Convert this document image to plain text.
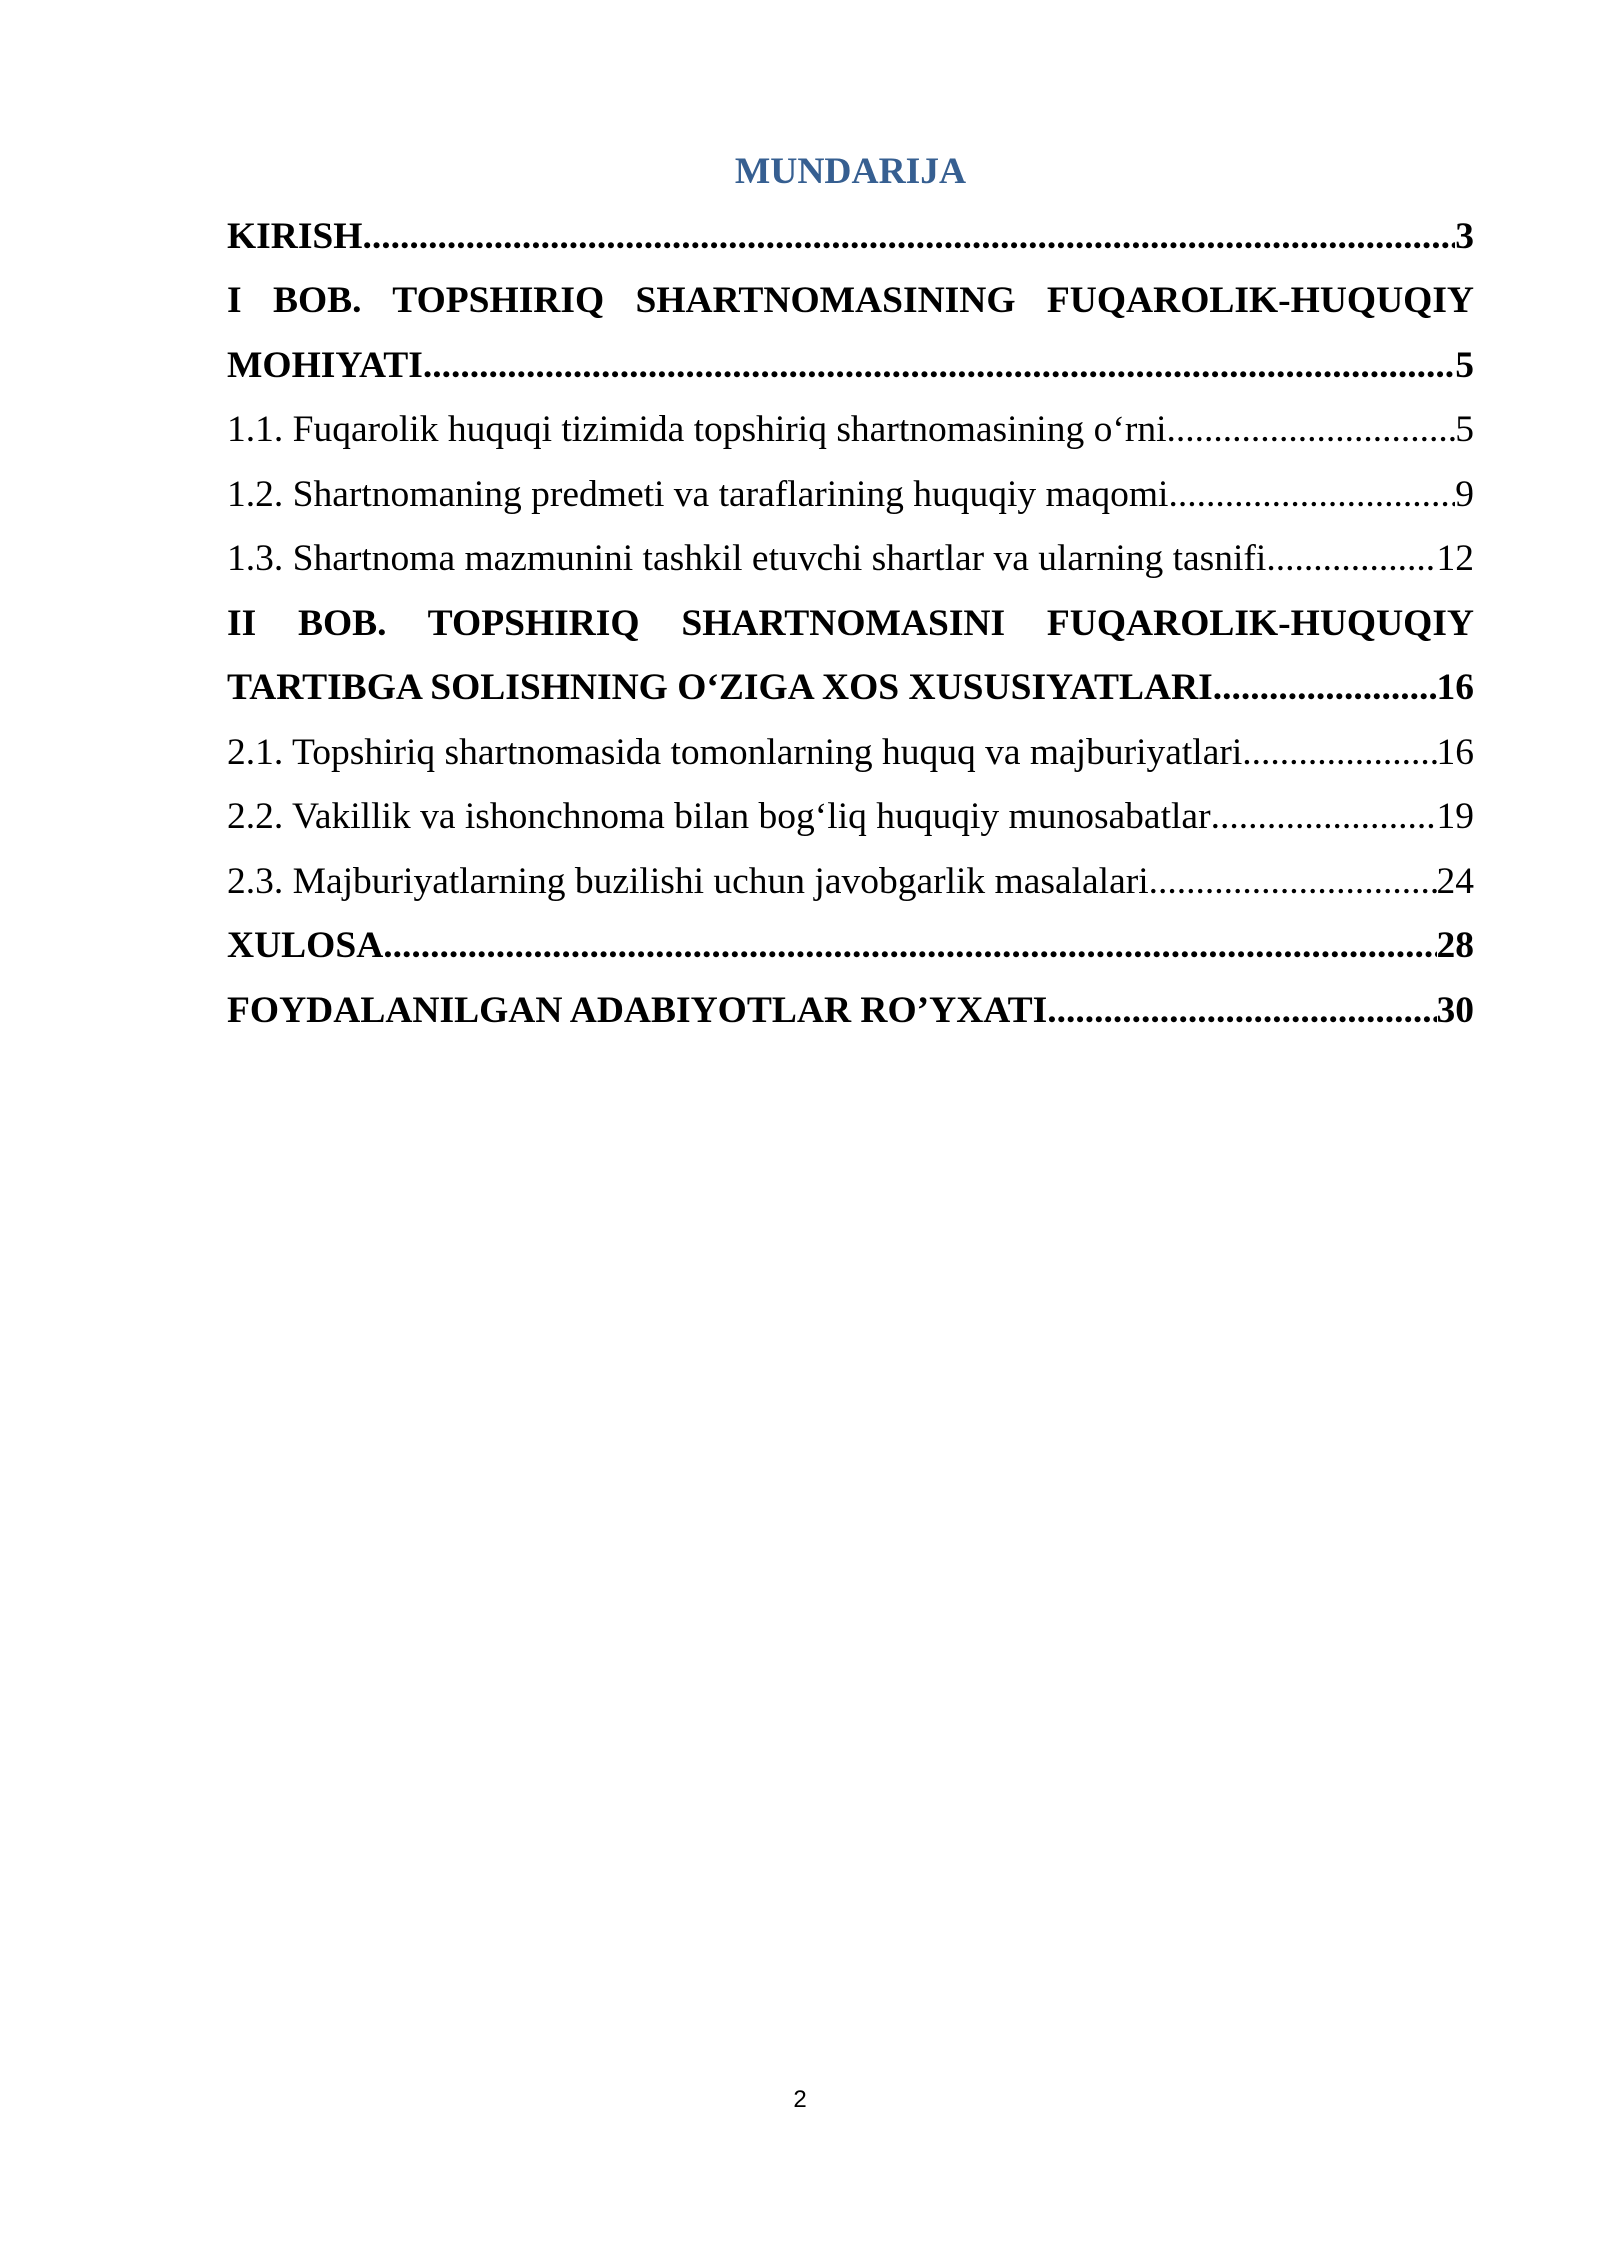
MUNDARIJA
KIRISH .....	3
I BOB. TOPSHIRIQ SHARTNOMASINING FUQAROLIK-HUQUQIY
MOHIYATI .....	5
1.1. Fuqarolik huquqi tizimida topshiriq shartnomasining o‘rni .....	5
1.2. Shartnomaning predmeti va taraflarining huquqiy maqomi .....	9
1.3. Shartnoma mazmunini tashkil etuvchi shartlar va ularning tasnifi .....	12
II BOB. TOPSHIRIQ SHARTNOMASINI FUQAROLIK-HUQUQIY
TARTIBGA SOLISHNING O‘ZIGA XOS XUSUSIYATLARI .....	16
2.1. Topshiriq shartnomasida tomonlarning huquq va majburiyatlari .....	16
2.2. Vakillik va ishonchnoma bilan bog‘liq huquqiy munosabatlar .....	19
2.3. Majburiyatlarning buzilishi uchun javobgarlik masalalari .....	24
XULOSA .....	28
FOYDALANILGAN ADABIYOTLAR RO’YXATI .....	30
2
